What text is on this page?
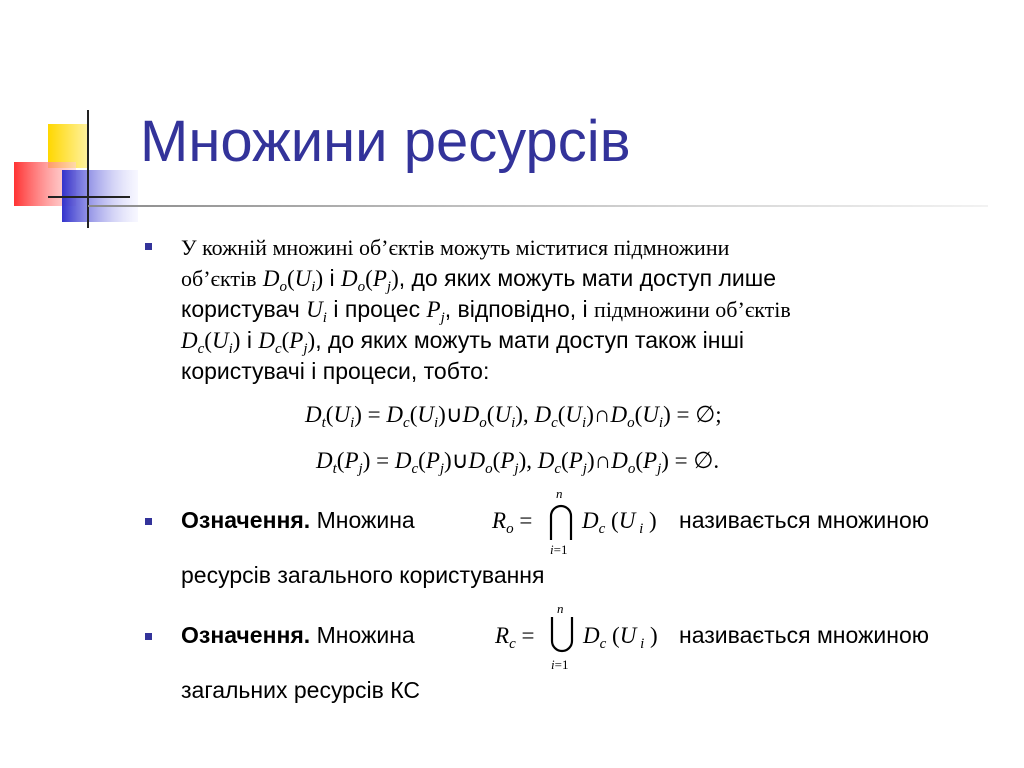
Множини ресурсів
У кожній множині об’єктів можуть міститися підмножини
об’єктів $D_o(U_i)$ і $D_o(P_j)$, до яких можуть мати доступ лише
користувач $U_i$ і процес $P_j$, відповідно, і підмножини об’єктів
$D_c(U_i)$ і $D_c(P_j)$, до яких можуть мати доступ також інші
користувачі і процеси, тобто:
$D_t(U_i)$ = $D_c(U_i)\cup D_o(U_i)$, $D_c(U_i)\cap D_o(U_i)$ = ∅;
$D_t(P_j)$ = $D_c(P_j)\cup D_o(P_j)$, $D_c(P_j)\cap D_o(P_j)$ = ∅.
Означення. Множина	$R_o$ =
n
i=1
$D_c$ (U $_i$ ) називається множиною
ресурсів загального користування
Означення. Множина	$R_c$ =
n
i=1
$D_c$ (U $_i$ ) називається множиною
загальних ресурсів КС
